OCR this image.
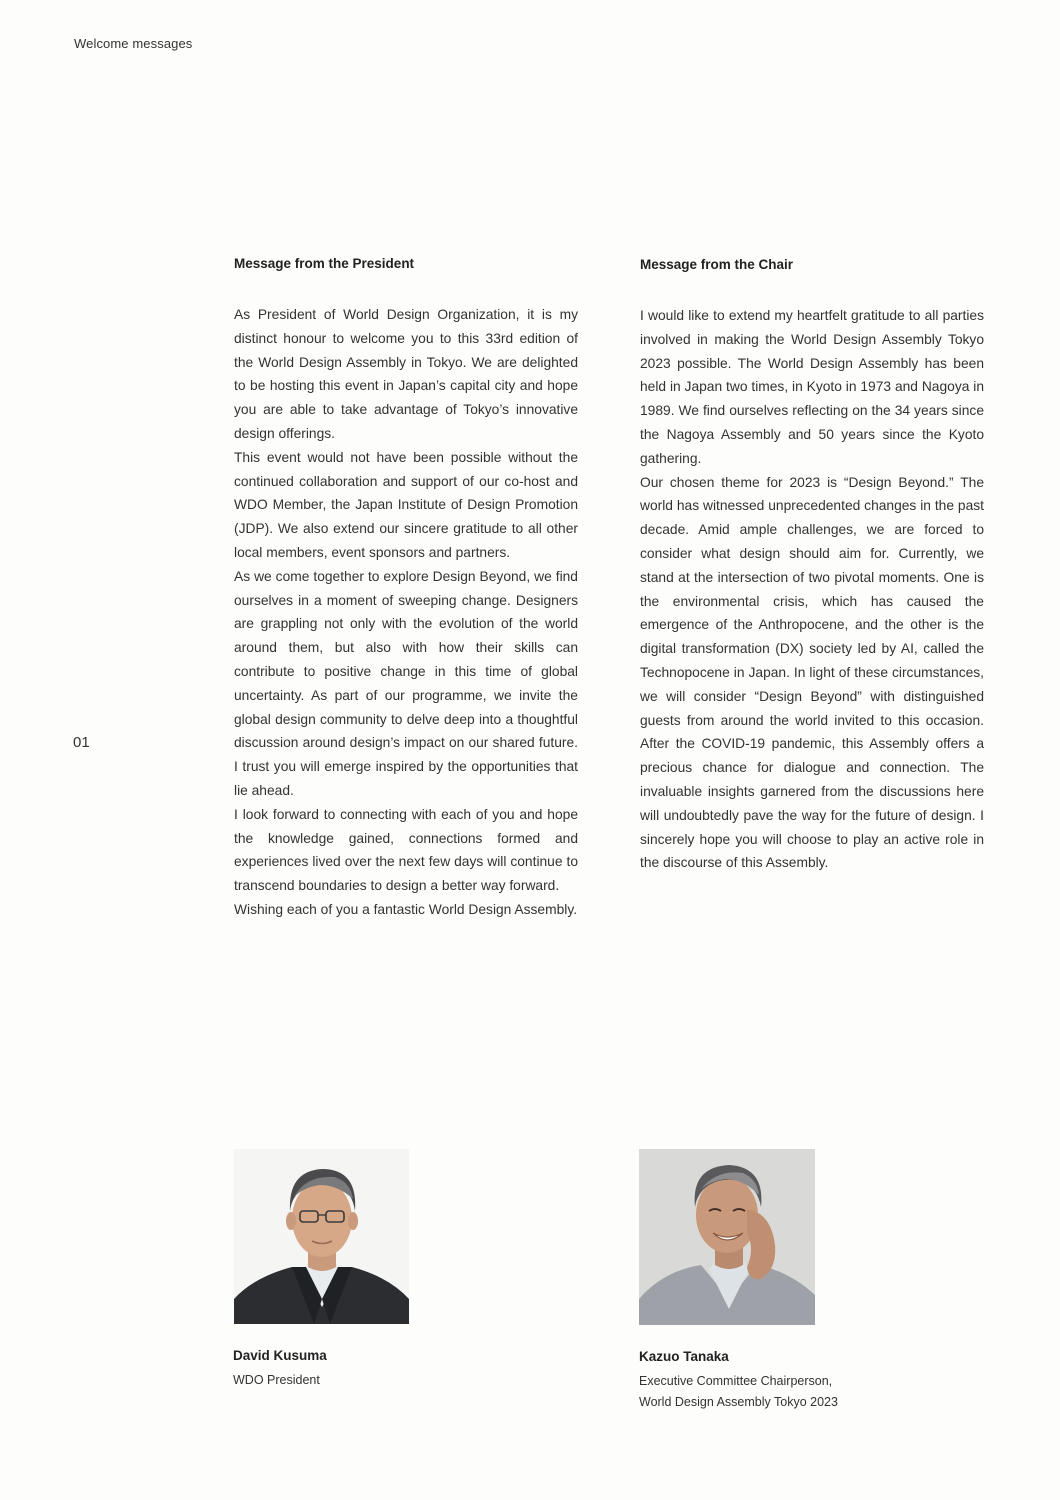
Welcome messages
01
Message from the President

As President of World Design Organization, it is my distinct honour to welcome you to this 33rd edition of the World Design Assembly in Tokyo. We are delighted to be hosting this event in Japan’s capital city and hope you are able to take advantage of Tokyo’s innovative design offerings.

This event would not have been possible without the continued collaboration and support of our co-host and WDO Member, the Japan Institute of Design Promotion (JDP). We also extend our sincere gratitude to all other local members, event sponsors and partners.

As we come together to explore Design Beyond, we find ourselves in a moment of sweeping change. Designers are grappling not only with the evolution of the world around them, but also with how their skills can contribute to positive change in this time of global uncertainty. As part of our programme, we invite the global design community to delve deep into a thoughtful discussion around design’s impact on our shared future. I trust you will emerge inspired by the opportunities that lie ahead.

I look forward to connecting with each of you and hope the knowledge gained, connections formed and experiences lived over the next few days will continue to transcend boundaries to design a better way forward.

Wishing each of you a fantastic World Design Assembly.

Message from the Chair

I would like to extend my heartfelt gratitude to all parties involved in making the World Design Assembly Tokyo 2023 possible. The World Design Assembly has been held in Japan two times, in Kyoto in 1973 and Nagoya in 1989. We find ourselves reflecting on the 34 years since the Nagoya Assembly and 50 years since the Kyoto gathering.

Our chosen theme for 2023 is “Design Beyond.” The world has witnessed unprecedented changes in the past decade. Amid ample challenges, we are forced to consider what design should aim for. Currently, we stand at the intersection of two pivotal moments. One is the environmental crisis, which has caused the emergence of the Anthropocene, and the other is the digital transformation (DX) society led by AI, called the Technopocene in Japan. In light of these circumstances, we will consider “Design Beyond” with distinguished guests from around the world invited to this occasion. After the COVID-19 pandemic, this Assembly offers a precious chance for dialogue and connection. The invaluable insights garnered from the discussions here will undoubtedly pave the way for the future of design. I sincerely hope you will choose to play an active role in the discourse of this Assembly.

David Kusuma
WDO President
Kazuo Tanaka
Executive Committee Chairperson,
World Design Assembly Tokyo 2023
